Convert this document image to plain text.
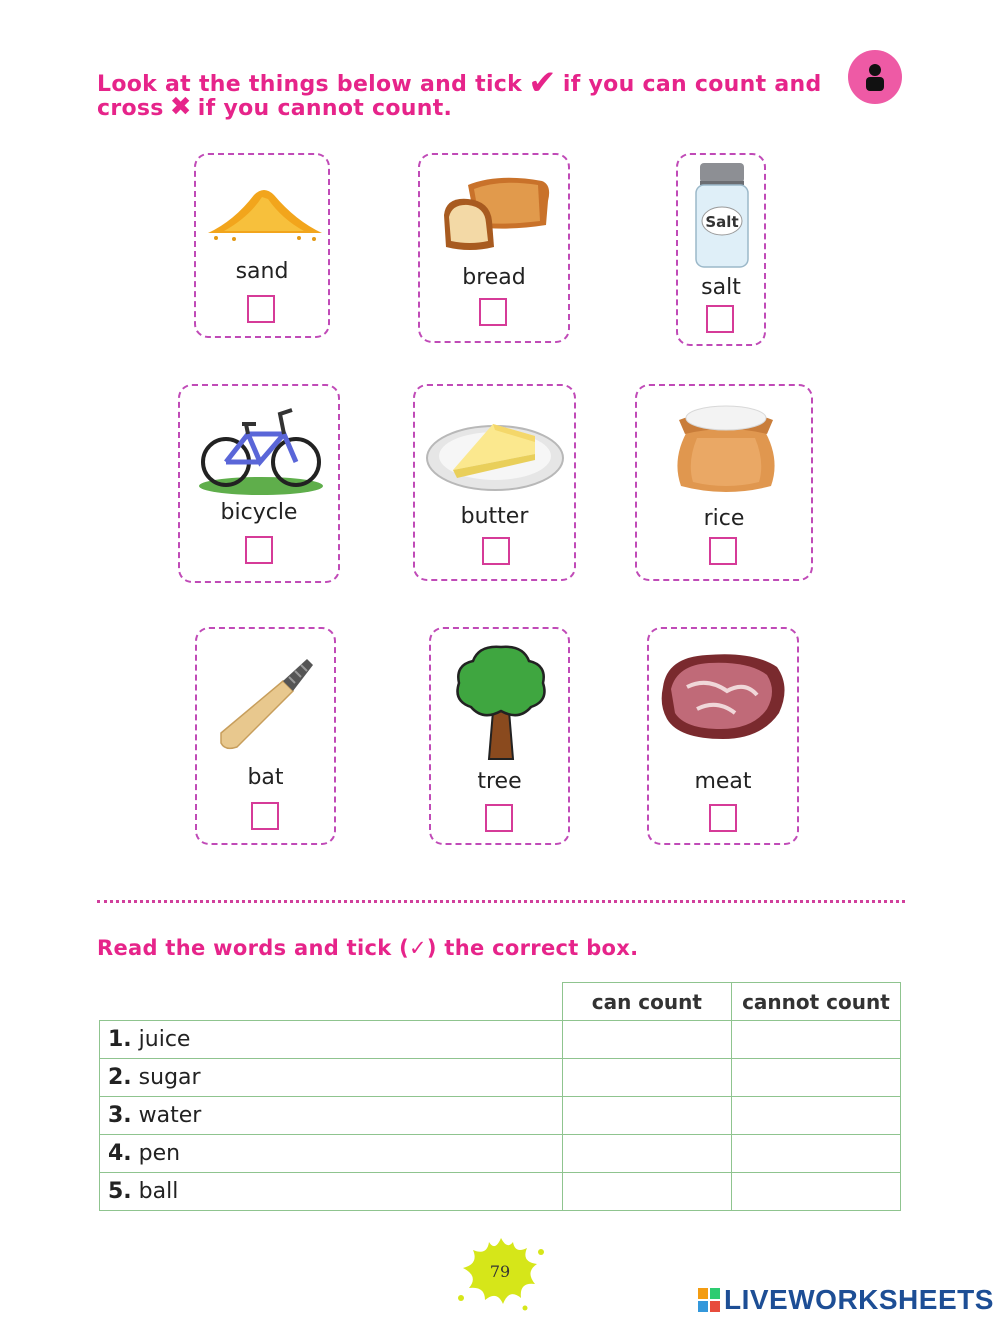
Look at the things below and tick ✔ if you can count and
cross ✖ if you cannot count.
sand	bread
Salt
salt
bicycle	butter	rice
bat	tree	meat
Read the words and tick (✓) the correct box.
	can count	cannot count
1. juice		
2. sugar		
3. water		
4. pen		
5. ball		
79
LIVEWORKSHEETS
